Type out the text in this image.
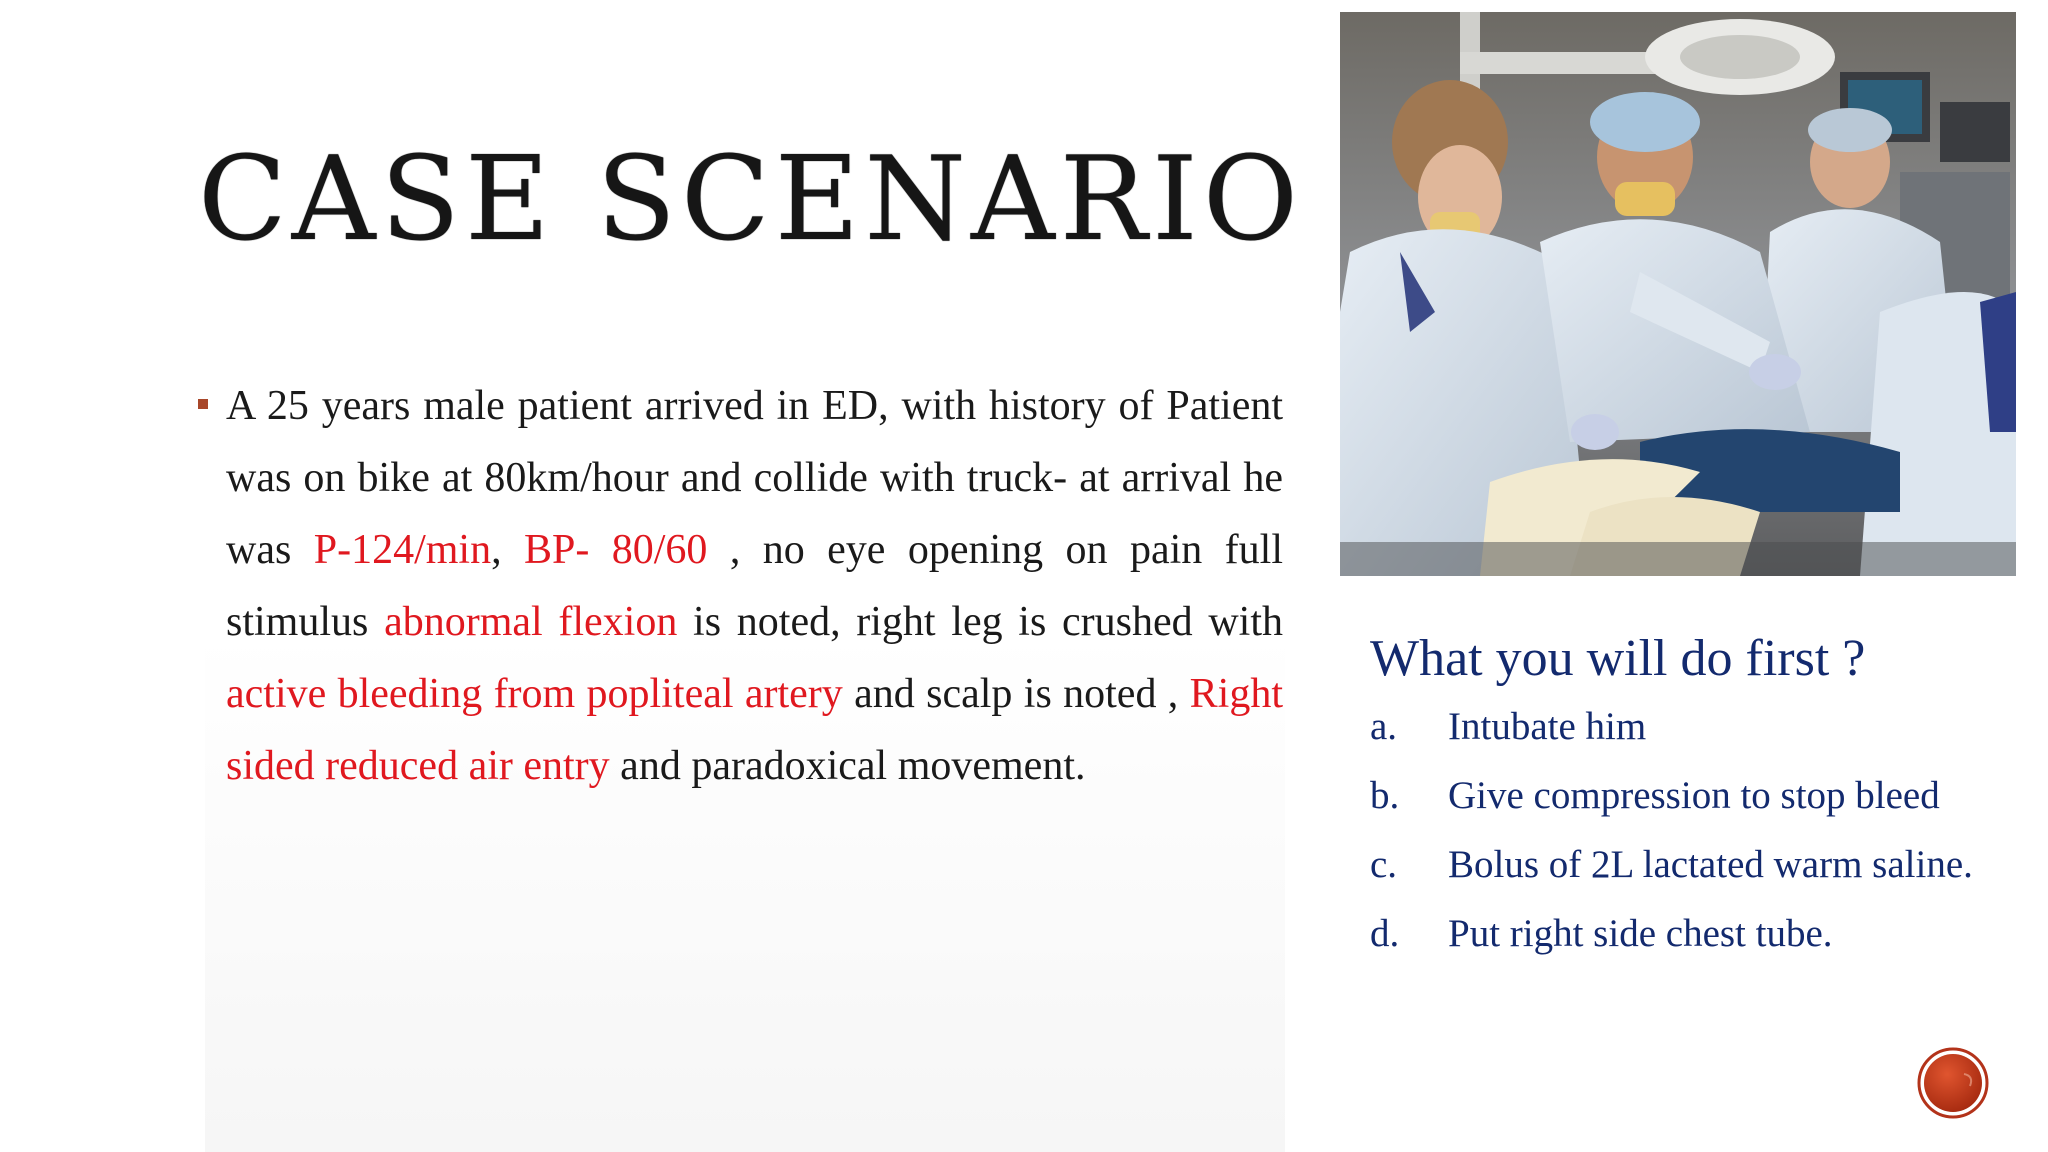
CASE SCENARIO
A 25 years male patient arrived in ED, with history of Patient was on bike at 80km/hour and collide with truck- at arrival he was P-124/min, BP- 80/60 , no eye opening on pain full stimulus abnormal flexion is noted, right leg is crushed with active bleeding from popliteal artery and scalp is noted , Right sided reduced air entry and paradoxical movement.
What you will do first ?
a. Intubate him
b. Give compression to stop bleed
c. Bolus of 2L lactated warm saline.
d. Put right side chest tube.
